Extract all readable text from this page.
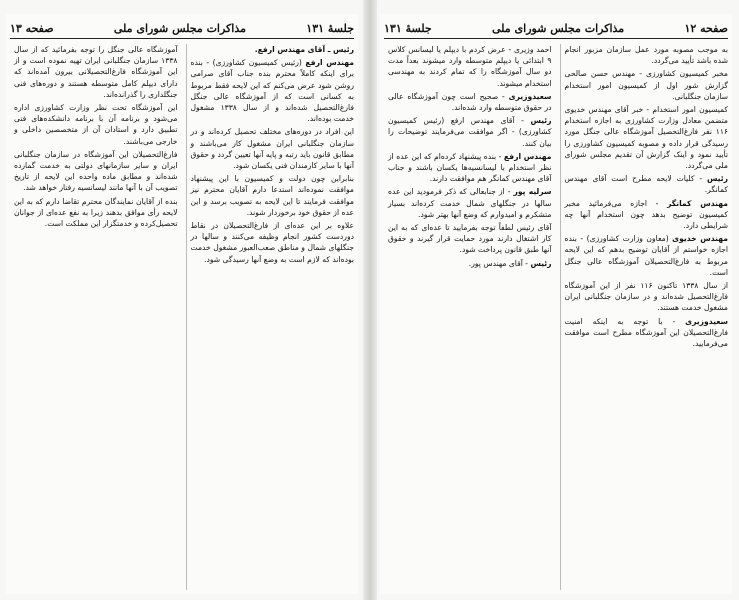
جلسهٔ ۱۳۱
مذاکرات مجلس شورای ملی
صفحه ۱۳

رئیس ـ آقای مهندس ارفع.

مهندس ارفع (رئیس کمیسیون کشاورزی) - بنده برای اینکه کاملاً محترم بنده جناب آقای صرامی روشن شود عرض می‌کنم که این لایحه فقط مربوط به کسانی است که از آموزشگاه عالی جنگل فارغ‌التحصیل شده‌اند و از سال ۱۳۳۸ مشغول خدمت بوده‌اند.

این افراد در دوره‌های مختلف تحصیل کرده‌اند و در سازمان جنگلبانی ایران مشغول کار می‌باشند و مطابق قانون باید رتبه و پایه آنها تعیین گردد و حقوق آنها با سایر کارمندان فنی یکسان شود.

بنابراین چون دولت و کمیسیون با این پیشنهاد موافقت نموده‌اند استدعا دارم آقایان محترم نیز موافقت فرمایند تا این لایحه به تصویب برسد و این عده از حقوق خود برخوردار شوند.

علاوه بر این عده‌ای از فارغ‌التحصیلان در نقاط دوردست کشور انجام وظیفه می‌کنند و سالها در جنگلهای شمال و مناطق صعب‌العبور مشغول خدمت بوده‌اند که لازم است به وضع آنها رسیدگی شود.

آموزشگاه عالی جنگل را توجه بفرمائید که از سال ۱۳۳۸ سازمان جنگلبانی ایران تهیه نموده است و از این آموزشگاه فارغ‌التحصیلانی بیرون آمده‌اند که دارای دیپلم کامل متوسطه هستند و دوره‌های فنی جنگلداری را گذرانده‌اند.

این آموزشگاه تحت نظر وزارت کشاورزی اداره می‌شود و برنامه آن با برنامه دانشکده‌های فنی تطبیق دارد و استادان آن از متخصصین داخلی و خارجی می‌باشند.

فارغ‌التحصیلان این آموزشگاه در سازمان جنگلبانی ایران و سایر سازمانهای دولتی به خدمت گمارده شده‌اند و مطابق ماده واحده این لایحه از تاریخ تصویب آن با آنها مانند لیسانسیه رفتار خواهد شد.

بنده از آقایان نمایندگان محترم تقاضا دارم که به این لایحه رأی موافق بدهند زیرا به نفع عده‌ای از جوانان تحصیل‌کرده و خدمتگزار این مملکت است.

صفحه ۱۲
مذاکرات مجلس شورای ملی
جلسهٔ ۱۳۱

به موجب مصوبه مورد عمل سازمان مزبور انجام شده باشد تأیید می‌گردد.

مخبر کمیسیون کشاورزی - مهندس حسن صالحی گزارش شور اول از کمیسیون امور استخدام سازمان جنگلبانی.

کمیسیون امور استخدام - خبر آقای مهندس خدیوی متضمن معادل وزارت کشاورزی به اجازه استخدام ۱۱۶ نفر فارغ‌التحصیل آموزشگاه عالی جنگل مورد رسیدگی قرار داده و مصوبه کمیسیون کشاورزی را تأیید نمود و اینک گزارش آن تقدیم مجلس شورای ملی می‌گردد.

رئیس - کلیات لایحه مطرح است آقای مهندس کمانگر.

مهندس کمانگر - اجازه می‌فرمائید مخبر کمیسیون توضیح بدهد چون استخدام آنها چه شرایطی دارد.

مهندس خدیوی (معاون وزارت کشاورزی) - بنده اجازه خواستم از آقایان توضیح بدهم که این لایحه مربوط به فارغ‌التحصیلان آموزشگاه عالی جنگل است.

از سال ۱۳۳۸ تاکنون ۱۱۶ نفر از این آموزشگاه فارغ‌التحصیل شده‌اند و در سازمان جنگلبانی ایران مشغول خدمت هستند.

سعیدوزیری - با توجه به اینکه امنیت فارغ‌التحصیلان این آموزشگاه مطرح است موافقت می‌فرمایید.

احمد وزیری - عرض کردم با دیپلم یا لیسانس کلاس ۹ ابتدائی یا دیپلم متوسطه وارد میشوند بعداً مدت دو سال آموزشگاه را که تمام کردند به مهندسی استخدام میشوند.

سعیدوزیری - صحیح است چون آموزشگاه عالی در حقوق متوسطه وارد شده‌اند.

رئیس - آقای مهندس ارفع (رئیس کمیسیون کشاورزی) - اگر موافقت می‌فرمایند توضیحات را بیان کنند.

مهندس ارفع - بنده پیشنهاد کرده‌ام که این عده از نظر استخدام با لیسانسیه‌ها یکسان باشند و جناب آقای مهندس کمانگر هم موافقت دارند.

سرلیه پور - از جنابعالی که ذکر فرمودید این عده سالها در جنگلهای شمال خدمت کرده‌اند بسیار متشکرم و امیدوارم که وضع آنها بهتر شود.

آقای رئیس لطفاً توجه بفرمایید تا عده‌ای که به این کار اشتغال دارند مورد حمایت قرار گیرند و حقوق آنها طبق قانون پرداخت شود.

رئیس - آقای مهندس پور.
